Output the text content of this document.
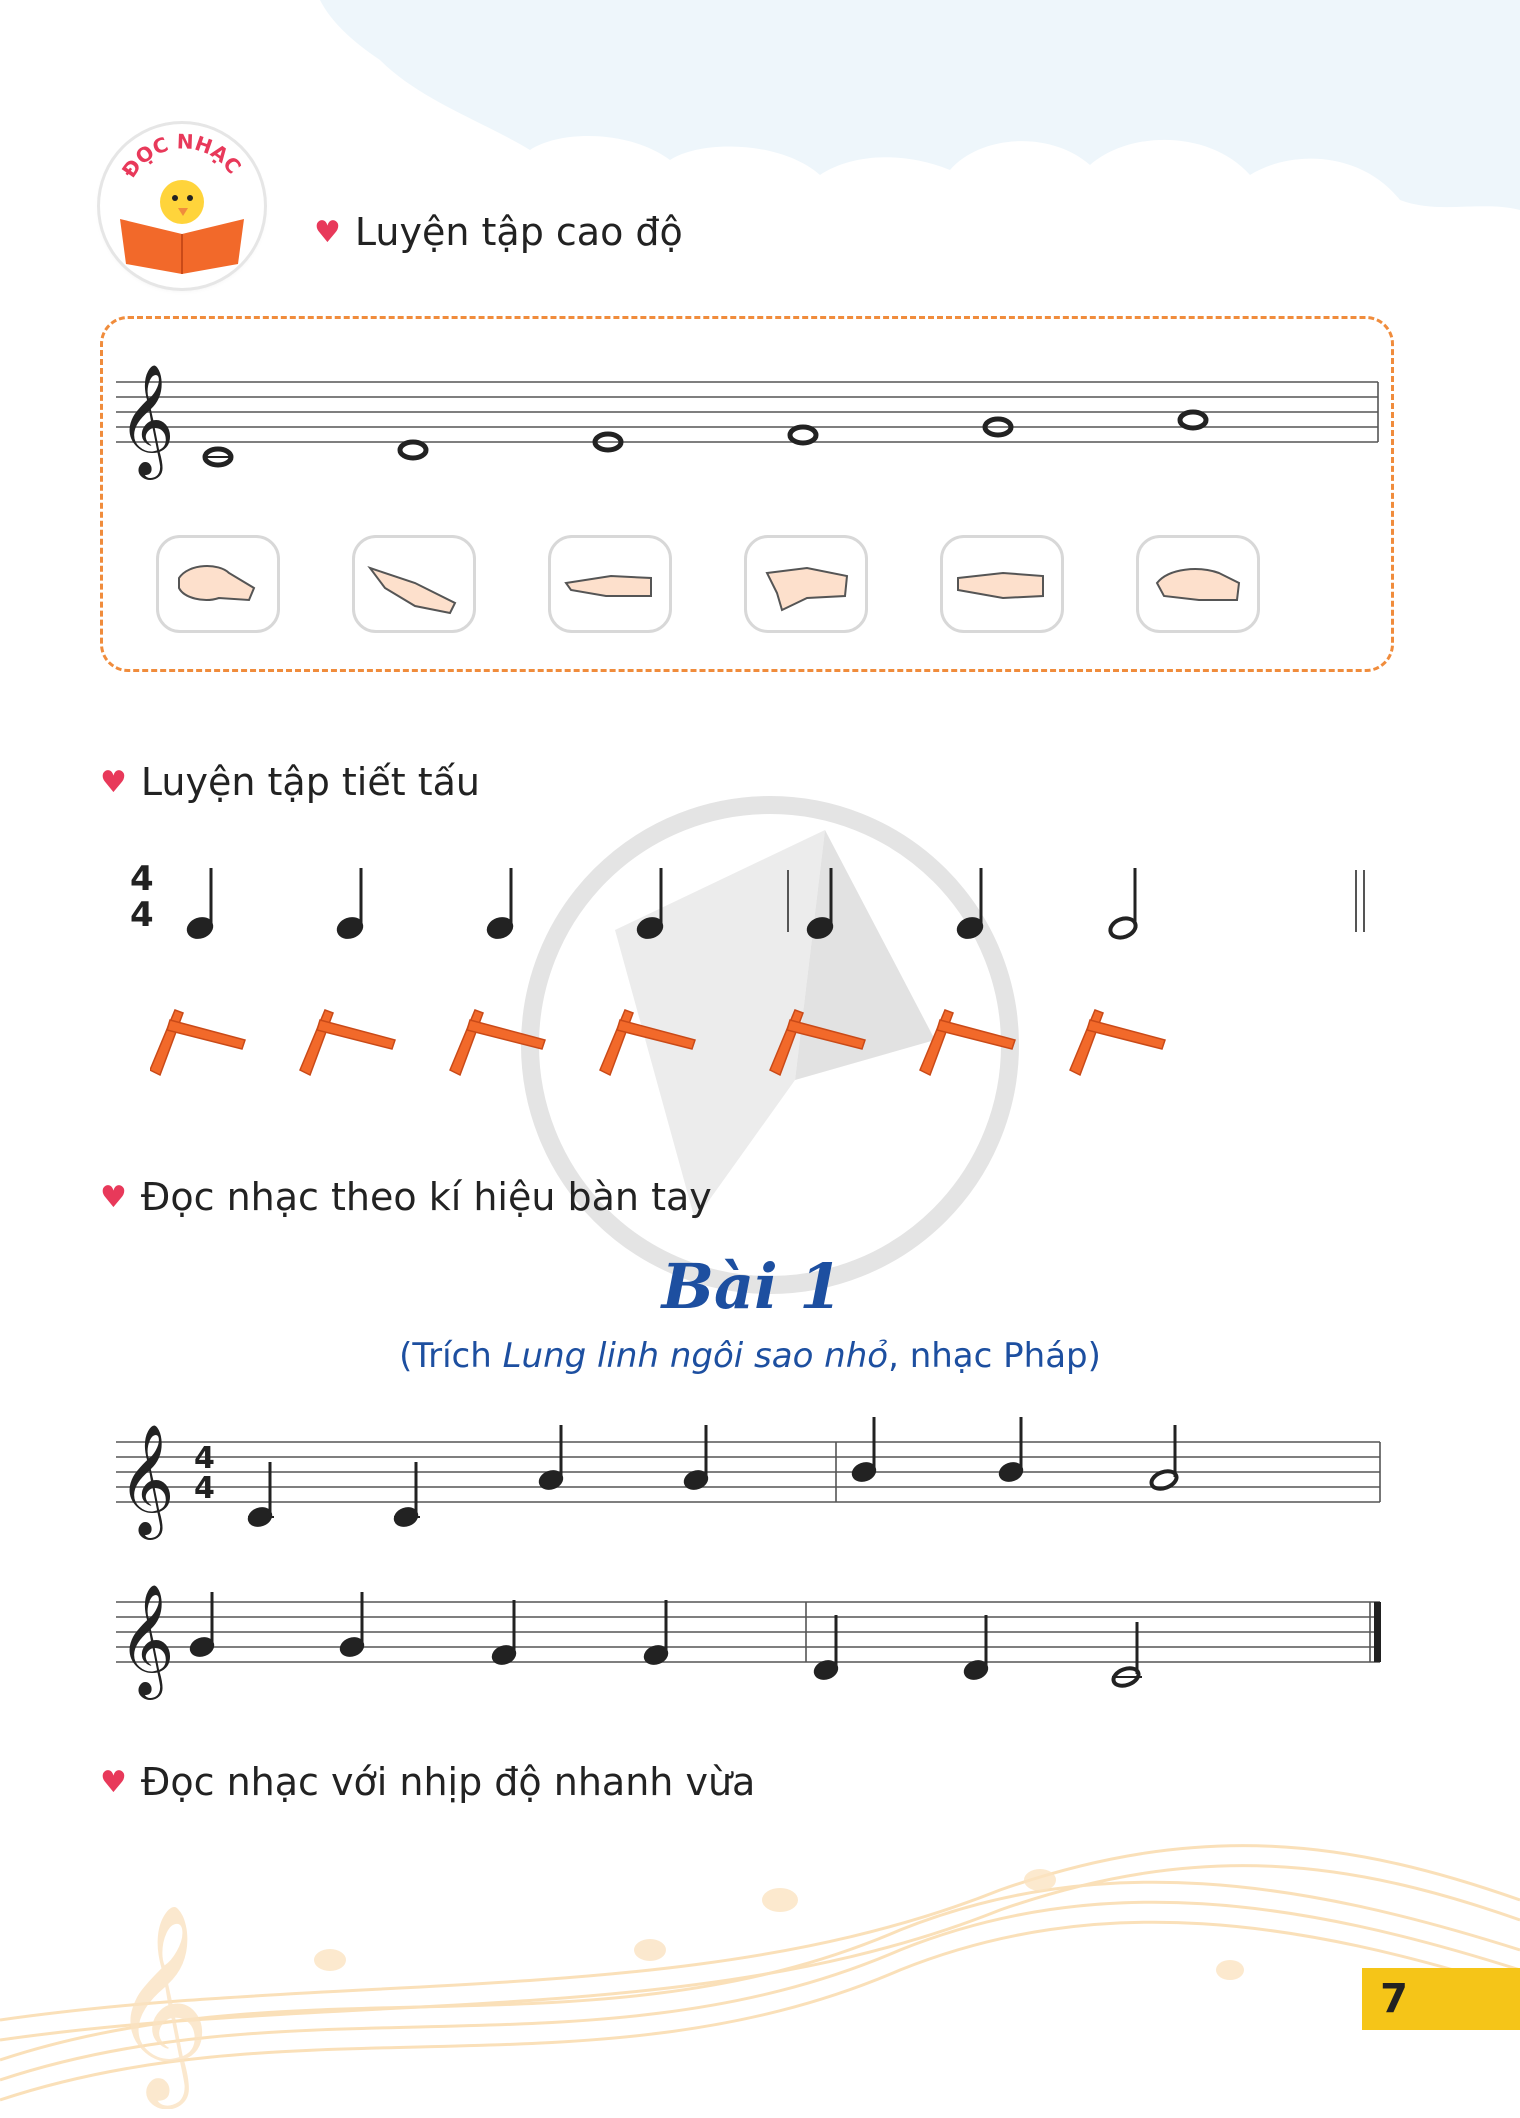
𝄞
ĐỌC NHẠC
♥ Luyện tập cao độ
𝄞
♥ Luyện tập tiết tấu
4
4
♥ Đọc nhạc theo kí hiệu bàn tay
Bài 1
(Trích Lung linh ngôi sao nhỏ, nhạc Pháp)
𝄞 4
4
𝄞
♥ Đọc nhạc với nhịp độ nhanh vừa
7
